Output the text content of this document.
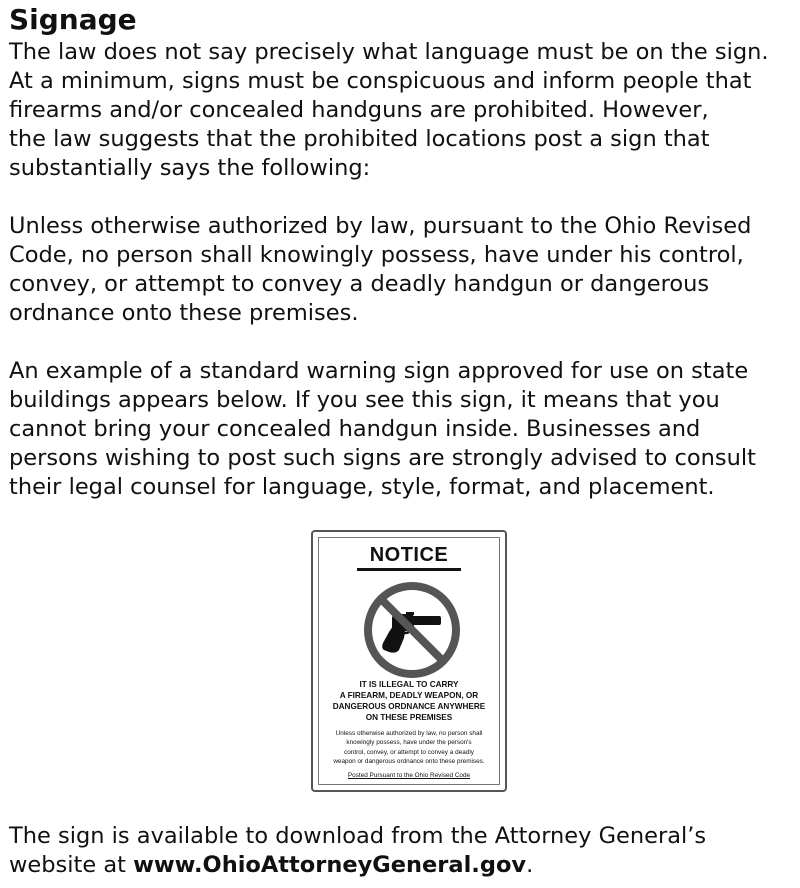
Signage
The law does not say precisely what language must be on the sign.
At a minimum, signs must be conspicuous and inform people that
firearms and/or concealed handguns are prohibited. However,
the law suggests that the prohibited locations post a sign that
substantially says the following:
Unless otherwise authorized by law, pursuant to the Ohio Revised
Code, no person shall knowingly possess, have under his control,
convey, or attempt to convey a deadly handgun or dangerous
ordnance onto these premises.
An example of a standard warning sign approved for use on state
buildings appears below. If you see this sign, it means that you
cannot bring your concealed handgun inside. Businesses and
persons wishing to post such signs are strongly advised to consult
their legal counsel for language, style, format, and placement.
NOTICE
IT IS ILLEGAL TO CARRY
A FIREARM, DEADLY WEAPON, OR
DANGEROUS ORDNANCE ANYWHERE
ON THESE PREMISES
Unless otherwise authorized by law, no person shall
knowingly possess, have under the person's
control, convey, or attempt to convey a deadly
weapon or dangerous ordnance onto these premises.
Posted Pursuant to the Ohio Revised Code
The sign is available to download from the Attorney General’s
website at www.OhioAttorneyGeneral.gov.
